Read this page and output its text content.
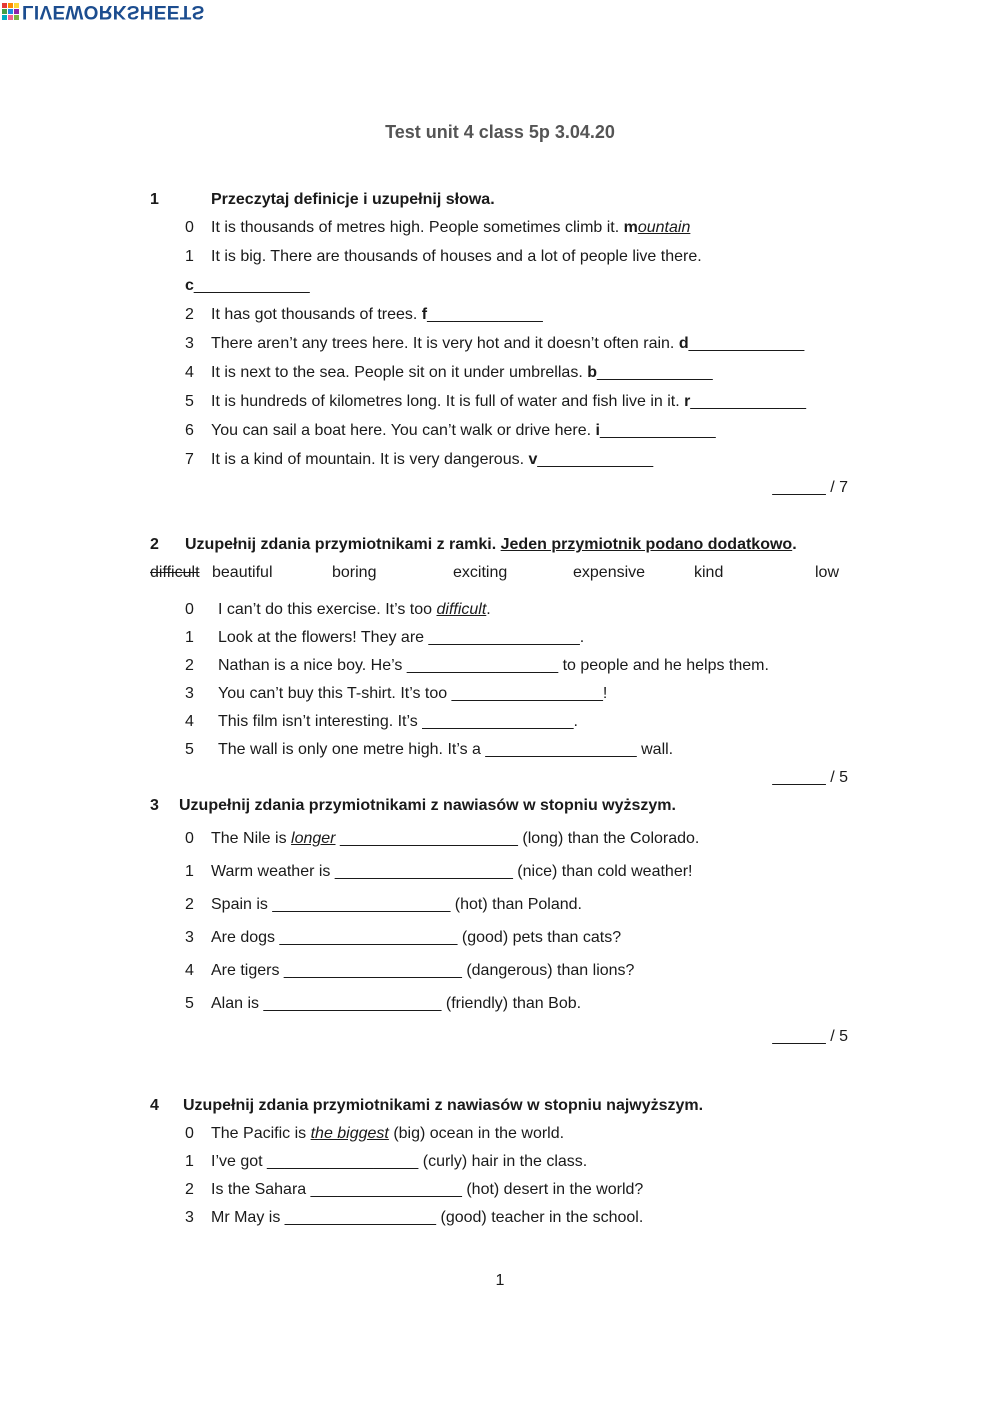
LIVEWORKSHEETS
Test unit 4 class 5p 3.04.20
1	Przeczytaj definicje i uzupełnij słowa.
0 It is thousands of metres high. People sometimes climb it. mountain
1 It is big. There are thousands of houses and a lot of people live there.
c_____________
2 It has got thousands of trees. f_____________
3 There aren’t any trees here. It is very hot and it doesn’t often rain. d_____________
4 It is next to the sea. People sit on it under umbrellas. b_____________
5 It is hundreds of kilometres long. It is full of water and fish live in it. r_____________
6 You can sail a boat here. You can’t walk or drive here. i_____________
7 It is a kind of mountain. It is very dangerous. v_____________
______ / 7
2 Uzupełnij zdania przymiotnikami z ramki. Jeden przymiotnik podano dodatkowo.
difficult beautiful	boring	exciting	expensive	kind	low
0 I can’t do this exercise. It’s too difficult.
1 Look at the flowers! They are _________________.
2 Nathan is a nice boy. He’s _________________ to people and he helps them.
3 You can’t buy this T-shirt. It’s too _________________!
4 This film isn’t interesting. It’s _________________.
5 The wall is only one metre high. It’s a _________________ wall.
______ / 5
3 Uzupełnij zdania przymiotnikami z nawiasów w stopniu wyższym.
0 The Nile is longer ____________________ (long) than the Colorado.
1 Warm weather is ____________________ (nice) than cold weather!
2 Spain is ____________________ (hot) than Poland.
3 Are dogs ____________________ (good) pets than cats?
4 Are tigers ____________________ (dangerous) than lions?
5 Alan is ____________________ (friendly) than Bob.
______ / 5
4 Uzupełnij zdania przymiotnikami z nawiasów w stopniu najwyższym.
0 The Pacific is the biggest (big) ocean in the world.
1 I’ve got _________________ (curly) hair in the class.
2 Is the Sahara _________________ (hot) desert in the world?
3 Mr May is _________________ (good) teacher in the school.
1
